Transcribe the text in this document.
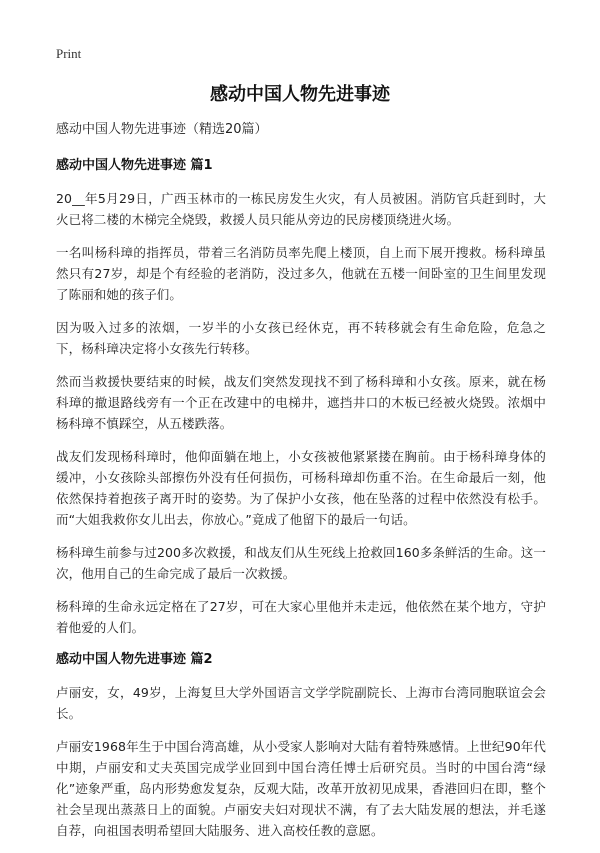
Print
感动中国人物先进事迹

感动中国人物先进事迹（精选20篇）

感动中国人物先进事迹 篇1

20__年5月29日，广西玉林市的一栋民房发生火灾，有人员被困。消防官兵赶到时，大火已将二楼的木梯完全烧毁，救援人员只能从旁边的民房楼顶绕进火场。

一名叫杨科璋的指挥员，带着三名消防员率先爬上楼顶，自上而下展开搜救。杨科璋虽然只有27岁，却是个有经验的老消防，没过多久，他就在五楼一间卧室的卫生间里发现了陈丽和她的孩子们。

因为吸入过多的浓烟，一岁半的小女孩已经休克，再不转移就会有生命危险，危急之下，杨科璋决定将小女孩先行转移。

然而当救援快要结束的时候，战友们突然发现找不到了杨科璋和小女孩。原来，就在杨科璋的撤退路线旁有一个正在改建中的电梯井，遮挡井口的木板已经被火烧毁。浓烟中杨科璋不慎踩空，从五楼跌落。

战友们发现杨科璋时，他仰面躺在地上，小女孩被他紧紧搂在胸前。由于杨科璋身体的缓冲，小女孩除头部擦伤外没有任何损伤，可杨科璋却伤重不治。在生命最后一刻，他依然保持着抱孩子离开时的姿势。为了保护小女孩，他在坠落的过程中依然没有松手。而“大姐我救你女儿出去，你放心。”竟成了他留下的最后一句话。

杨科璋生前参与过200多次救援，和战友们从生死线上抢救回160多条鲜活的生命。这一次，他用自己的生命完成了最后一次救援。

杨科璋的生命永远定格在了27岁，可在大家心里他并未走远，他依然在某个地方，守护着他爱的人们。

感动中国人物先进事迹 篇2

卢丽安，女，49岁，上海复旦大学外国语言文学学院副院长、上海市台湾同胞联谊会会长。

卢丽安1968年生于中国台湾高雄，从小受家人影响对大陆有着特殊感情。上世纪90年代中期，卢丽安和丈夫英国完成学业回到中国台湾任博士后研究员。当时的中国台湾“绿化”迹象严重，岛内形势愈发复杂，反观大陆，改革开放初见成果，香港回归在即，整个社会呈现出蒸蒸日上的面貌。卢丽安夫妇对现状不满，有了去大陆发展的想法，并毛遂自荐，向祖国表明希望回大陆服务、进入高校任教的意愿。
